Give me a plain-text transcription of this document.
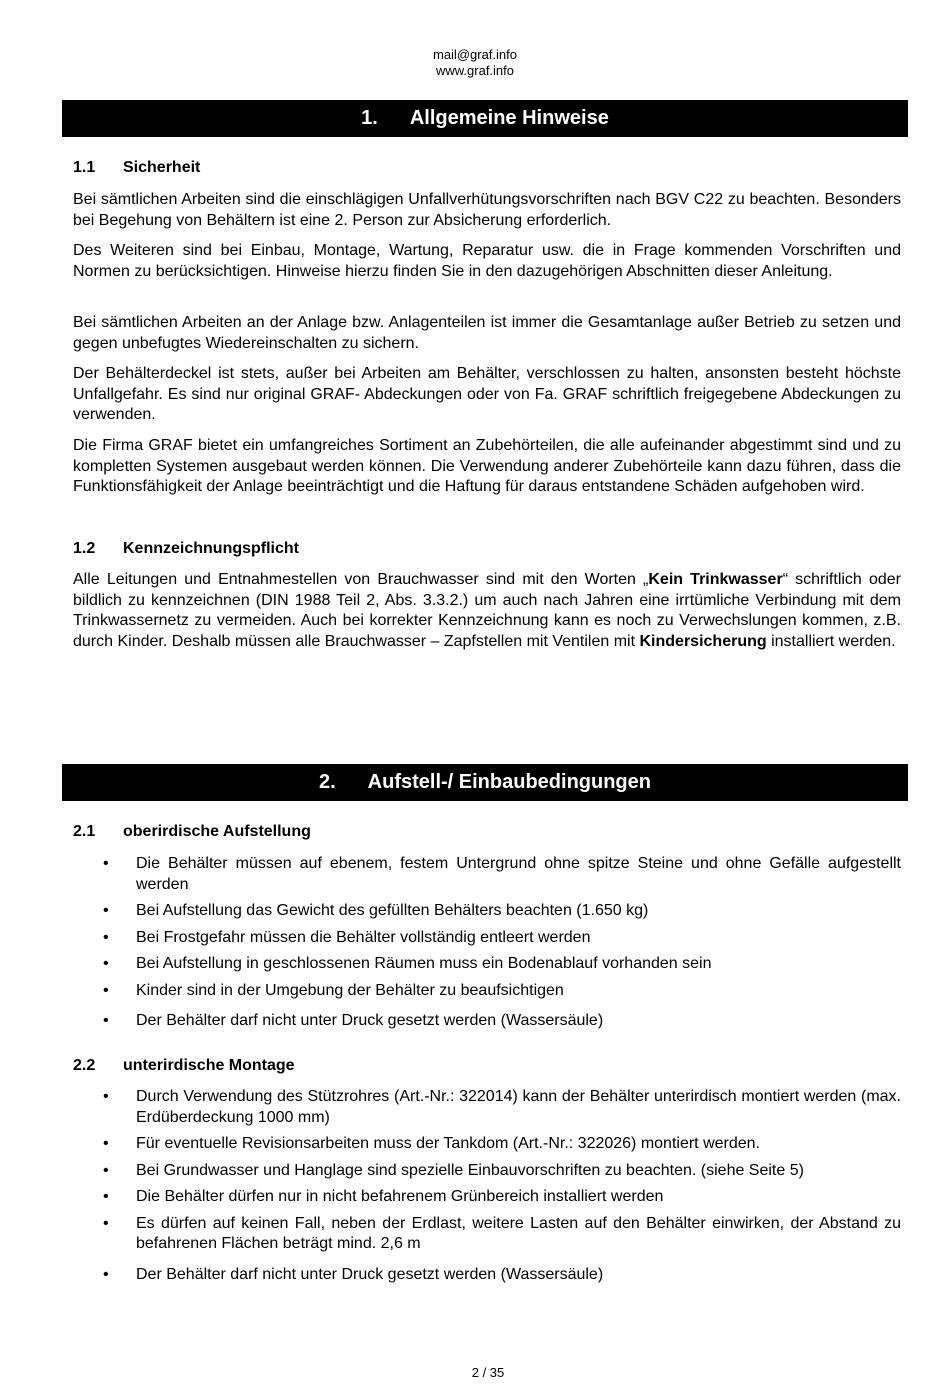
mail@graf.info
www.graf.info
1. Allgemeine Hinweise
1.1 Sicherheit
Bei sämtlichen Arbeiten sind die einschlägigen Unfallverhütungsvorschriften nach BGV C22 zu beachten. Besonders bei Begehung von Behältern ist eine 2. Person zur Absicherung erforderlich.
Des Weiteren sind bei Einbau, Montage, Wartung, Reparatur usw. die in Frage kommenden Vorschriften und Normen zu berücksichtigen. Hinweise hierzu finden Sie in den dazugehörigen Abschnitten dieser Anleitung.
Bei sämtlichen Arbeiten an der Anlage bzw. Anlagenteilen ist immer die Gesamtanlage außer Betrieb zu setzen und gegen unbefugtes Wiedereinschalten zu sichern.
Der Behälterdeckel ist stets, außer bei Arbeiten am Behälter, verschlossen zu halten, ansonsten besteht höchste Unfallgefahr. Es sind nur original GRAF- Abdeckungen oder von Fa. GRAF schriftlich freigegebene Abdeckungen zu verwenden.
Die Firma GRAF bietet ein umfangreiches Sortiment an Zubehörteilen, die alle aufeinander abgestimmt sind und zu kompletten Systemen ausgebaut werden können. Die Verwendung anderer Zubehörteile kann dazu führen, dass die Funktionsfähigkeit der Anlage beeinträchtigt und die Haftung für daraus entstandene Schäden aufgehoben wird.
1.2 Kennzeichnungspflicht
Alle Leitungen und Entnahmestellen von Brauchwasser sind mit den Worten „Kein Trinkwasser“ schriftlich oder bildlich zu kennzeichnen (DIN 1988 Teil 2, Abs. 3.3.2.) um auch nach Jahren eine irrtümliche Verbindung mit dem Trinkwassernetz zu vermeiden. Auch bei korrekter Kennzeichnung kann es noch zu Verwechslungen kommen, z.B. durch Kinder. Deshalb müssen alle Brauchwasser – Zapfstellen mit Ventilen mit Kindersicherung installiert werden.
2. Aufstell-/ Einbaubedingungen
2.1 oberirdische Aufstellung
• Die Behälter müssen auf ebenem, festem Untergrund ohne spitze Steine und ohne Gefälle aufgestellt werden
• Bei Aufstellung das Gewicht des gefüllten Behälters beachten (1.650 kg)
• Bei Frostgefahr müssen die Behälter vollständig entleert werden
• Bei Aufstellung in geschlossenen Räumen muss ein Bodenablauf vorhanden sein
• Kinder sind in der Umgebung der Behälter zu beaufsichtigen
• Der Behälter darf nicht unter Druck gesetzt werden (Wassersäule)
2.2 unterirdische Montage
• Durch Verwendung des Stützrohres (Art.-Nr.: 322014) kann der Behälter unterirdisch montiert werden (max. Erdüberdeckung 1000 mm)
• Für eventuelle Revisionsarbeiten muss der Tankdom (Art.-Nr.: 322026) montiert werden.
• Bei Grundwasser und Hanglage sind spezielle Einbauvorschriften zu beachten. (siehe Seite 5)
• Die Behälter dürfen nur in nicht befahrenem Grünbereich installiert werden
• Es dürfen auf keinen Fall, neben der Erdlast, weitere Lasten auf den Behälter einwirken, der Abstand zu befahrenen Flächen beträgt mind. 2,6 m
• Der Behälter darf nicht unter Druck gesetzt werden (Wassersäule)
2 / 35
